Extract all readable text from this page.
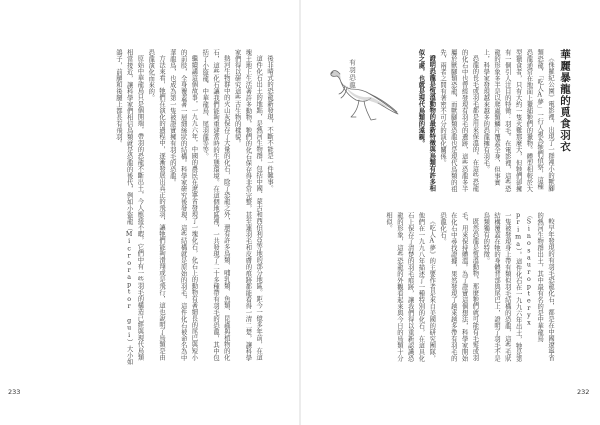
後非晴式的恐龍新發現，不斷不能是一件難事。

這件化石出土的地點，是熱河生物群，包括中國、蒙古和西伯利亞等地的部分地區。距今一億多年前，在這塊土地上生活著許多動物，牠們的化石保存得非常完整，甚至連羽毛和皮膚的痕跡都能看得一清二楚，讓科學家們得以研究這些古生物的樣貌。

熱河生物群中的火山灰保存了大量的化石，除了恐龍之外，還有許多鳥類、哺乳類、魚類、昆蟲與植物的化石，這些化石讓我們能夠重建當時的生態環境。在這個地區裡，一共發現了二十多種帶有羽毛的恐龍，其中包括了小盜龍、中華龍鳥、尾羽龍等等。

繼續講這個故事，一九九六年，中國的農民在遼寧省發現了一塊化石，化石上的動物有著細長的尾巴與短小的前肢，全身覆蓋著一層細絲狀的結構。科學家研究後發現，這些結構就是原始的羽毛，這件化石被命名為中華龍鳥，也成為第一隻被證實擁有羽毛的恐龍。

方法來看，牠們在演化的過程中，逐漸發展出真正的飛羽，讓牠們能夠滑翔或是飛行，這也說明了鳥類是由恐龍演化而來的。

原始中華龍鳥只是個開端，帶羽的恐龍不斷出土，今人應接不暇，它們中有一些羽毛的構造已經與現代鳥類相當接近，讓科學家們相信鳥類就是恐龍的後代，例如小盜龍（Microraptor gui）大小如鴿子，前腿和後腿上都長有飛羽。

233
華麗暴龍的覓食羽衣

《侏羅紀公園》電影裡，出現了一群裡小的獸腳類恐龍，「吃人A夢」一行人視為牠們偵察，這種恐龍通常在地面上獵捕牠們的獵物。體型相較於大型獵食者，只有大約一隻火雞那麼大，但牠們卻擁有一個引人注目的特徵：羽毛。在電影裡，這些恐龍的形象多半是以爬蟲類鱗片覆蓋全身，但事實上，科學家發現越來越多的恐龍擁有羽毛。

恐龍的長毛或羽毛都是用來保溫的，在這些恐龍的化石中也曾經發現有羽毛的遺跡，這些恐龍多半屬於獸腳類恐龍，而獸腳類恐龍也是現代鳥類的祖先，兩者之間有著密不可分的演化關係。

證明恐龍是恆溫動物的最新特徵與鳥類有許多相似之處，也就是現代鳥類的遠親。

較早年發現的有羽毛恐龍化石，都是在中國遼寧省的熱河生物群出土，其中最有名的是中華龍鳥（Sinosauropteryx prima）。這件化石在一九九六年出土，牠是第一隻被發現身上帶有類似羽毛結構的恐龍，這些毛狀結構覆蓋在牠的身體背部與尾巴上，證明了羽毛不是鳥類獨有的特徵。

既然恐龍是恆溫動物，那麼牠們就可能有毛髮或羽毛，用來保持體溫。為了證實這個想法，科學家開始在化石中尋找證據，果然發現了越來越多帶有羽毛的恐龍化石。

《吃人A夢》的主要作者是來自美國的研究團隊，他們在一九九八年描述了一種特別的化石，在這具化石上保存了清楚的羽毛痕跡，讓我們得以重新認識恐龍的形象，這些恐龍的外觀看起來與今日的鳥類十分相似。

有羽恐龍
232
